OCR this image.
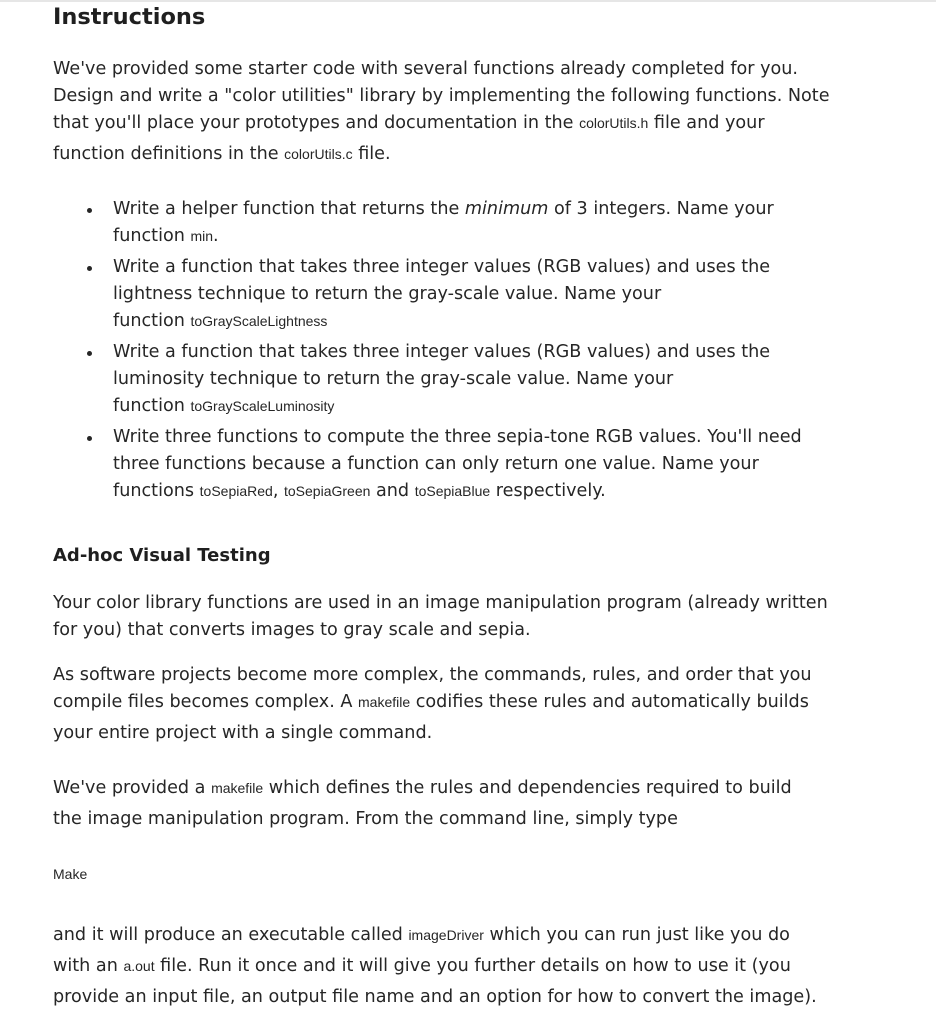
Instructions
We've provided some starter code with several functions already completed for you.
Design and write a "color utilities" library by implementing the following functions. Note
that you'll place your prototypes and documentation in the colorUtils.h file and your
function definitions in the colorUtils.c file.
Write a helper function that returns the minimum of 3 integers. Name your
function min.
Write a function that takes three integer values (RGB values) and uses the
lightness technique to return the gray-scale value. Name your
function toGrayScaleLightness
Write a function that takes three integer values (RGB values) and uses the
luminosity technique to return the gray-scale value. Name your
function toGrayScaleLuminosity
Write three functions to compute the three sepia-tone RGB values. You'll need
three functions because a function can only return one value. Name your
functions toSepiaRed, toSepiaGreen and toSepiaBlue respectively.
Ad-hoc Visual Testing
Your color library functions are used in an image manipulation program (already written
for you) that converts images to gray scale and sepia.
As software projects become more complex, the commands, rules, and order that you
compile files becomes complex. A makefile codifies these rules and automatically builds
your entire project with a single command.
We've provided a makefile which defines the rules and dependencies required to build
the image manipulation program. From the command line, simply type
Make
and it will produce an executable called imageDriver which you can run just like you do
with an a.out file. Run it once and it will give you further details on how to use it (you
provide an input file, an output file name and an option for how to convert the image).
